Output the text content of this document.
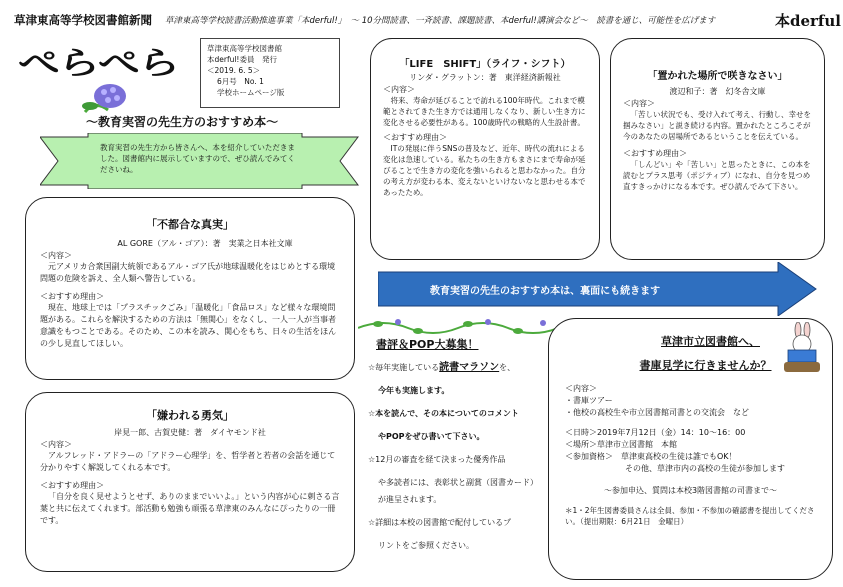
草津東高等学校図書館新聞 草津東高等学校読書活動推進事業「本derful!」　～ 10分間読書、一斉読書、課題読書、本derful!講演会など～　読書を通じ、可能性を広げます	本derful
ぺらぺら	草津東高等学校図書館
本derful!委員　発行
＜2019. 6. 5＞
6月号　No. 1
学校ホームページ版
～教育実習の先生方のおすすめ本～
教育実習の先生方から皆さんへ、本を紹介していただきました。図書館内に展示していますので、ぜひ読んでみてくださいね。
「不都合な真実」
AL GORE（アル・ゴア）：著　実業之日本社文庫
＜内容＞
元アメリカ合衆国副大統領であるアル・ゴア氏が地球温暖化をはじめとする環境問題の危険を訴え、全人類へ警告している。
＜おすすめ理由＞
現在、地球上では「プラスチックごみ」「温暖化」「食品ロス」など様々な環境問題がある。これらを解決するための方法は「無関心」をなくし、一人一人が当事者意識をもつことである。そのため、この本を読み、関心をもち、日々の生活をほんの少し見直してほしい。
「嫌われる勇気」
岸見一郎、古賀史健：著　ダイヤモンド社
＜内容＞
アルフレッド・アドラーの「アドラー心理学」を、哲学者と若者の会話を通じて分かりやすく解説してくれる本です。
＜おすすめ理由＞
「自分を良く見せようとせず、ありのままでいいよ。」という内容が心に刺さる言葉と共に伝えてくれます。部活動も勉強も頑張る草津東のみんなにぴったりの一冊です。
「LIFE　SHIFT」（ライフ・シフト）
リンダ・グラットン：著　東洋経済新報社
＜内容＞
将来、寿命が延びることで訪れる100年時代。これまで模範とされてきた生き方では通用しなくなり、新しい生き方に変化させる必要性がある。100歳時代の戦略的人生設計書。
＜おすすめ理由＞
ITの発展に伴うSNSの普及など、近年、時代の流れによる変化は急速している。私たちの生き方もまさにまで寿命が延びることで生き方の変化を強いられると思わなかった。自分の考え方が変わる本、変えないといけないなと思わせる本であったため。
「置かれた場所で咲きなさい」
渡辺和子：著　幻冬舎文庫
＜内容＞
「苦しい状況でも、受け入れて考え、行動し、幸せを掴みなさい」と説き続ける内容。置かれたところこそが今のあなたの居場所であるということを伝えている。
＜おすすめ理由＞
「しんどい」や「苦しい」と思ったときに、この本を読むとプラス思考（ポジティブ）になれ、自分を見つめ直すきっかけになる本です。ぜひ読んでみて下さい。
教育実習の先生のおすすめ本は、裏面にも続きます
書評＆POP大募集！
☆毎年実施している読書マラソンを、
今年も実施します。
☆本を読んで、その本についてのコメント
やPOPをぜひ書いて下さい。
☆12月の審査を経て決まった優秀作品
や多読者には、表彰状と副賞（図書カード）が進呈されます。
☆詳細は本校の図書館で配付しているプ
リントをご参照ください。
草津市立図書館へ、
書庫見学に行きませんか？
＜内容＞
・書庫ツアー
・他校の高校生や市立図書館司書との交流会　など
＜日時＞2019年7月12日（金）14：10～16：00
＜場所＞草津市立図書館　本館
＜参加資格＞　草津東高校の生徒は誰でもOK！
その他、草津市内の高校の生徒が参加します
～参加申込、質問は本校3階図書館の司書まで～
＊1・2年生図書委員さんは全員、参加・不参加の確認書を提出してください。（提出期限：6月21日　金曜日）
